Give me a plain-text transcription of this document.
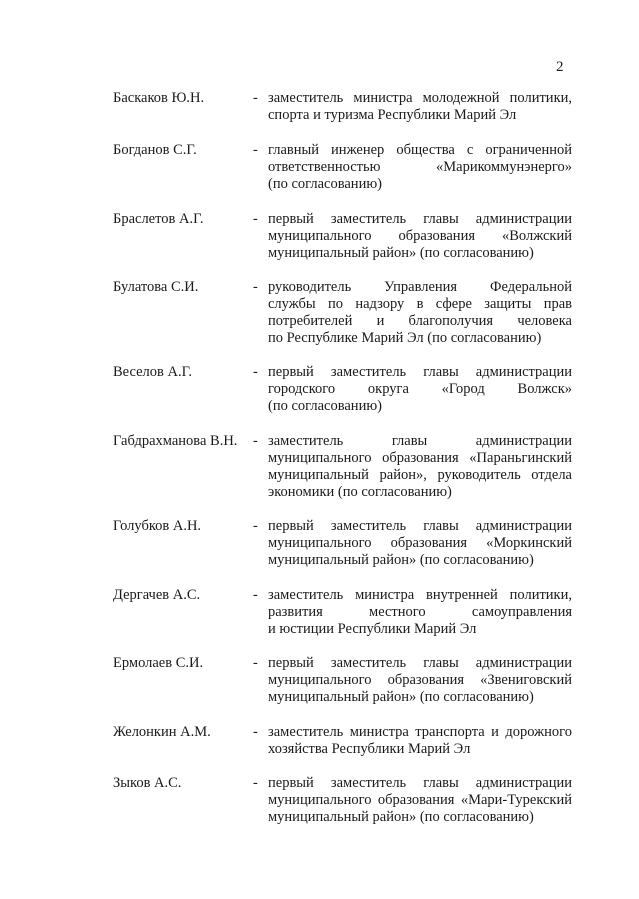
2
Баскаков Ю.Н.	- заместитель министра молодежной политики,
спорта и туризма Республики Марий Эл
Богданов С.Г.	- главный инженер общества с ограниченной
ответственностью «Марикоммунэнерго»
(по согласованию)
Браслетов А.Г.	- первый заместитель главы администрации
муниципального образования «Волжский
муниципальный район» (по согласованию)
Булатова С.И.	- руководитель Управления Федеральной
службы по надзору в сфере защиты прав
потребителей и благополучия человека
по Республике Марий Эл (по согласованию)
Веселов А.Г.	- первый заместитель главы администрации
городского округа «Город Волжск»
(по согласованию)
Габдрахманова В.Н. - заместитель главы администрации
муниципального образования «Параньгинский
муниципальный район», руководитель отдела
экономики (по согласованию)
Голубков А.Н.	- первый заместитель главы администрации
муниципального образования «Моркинский
муниципальный район» (по согласованию)
Дергачев А.С.	- заместитель министра внутренней политики,
развития местного самоуправления
и юстиции Республики Марий Эл
Ермолаев С.И.	- первый заместитель главы администрации
муниципального образования «Звениговский
муниципальный район» (по согласованию)
Желонкин А.М.	- заместитель министра транспорта и дорожного
хозяйства Республики Марий Эл
Зыков А.С.	- первый заместитель главы администрации
муниципального образования «Мари-Турекский
муниципальный район» (по согласованию)
